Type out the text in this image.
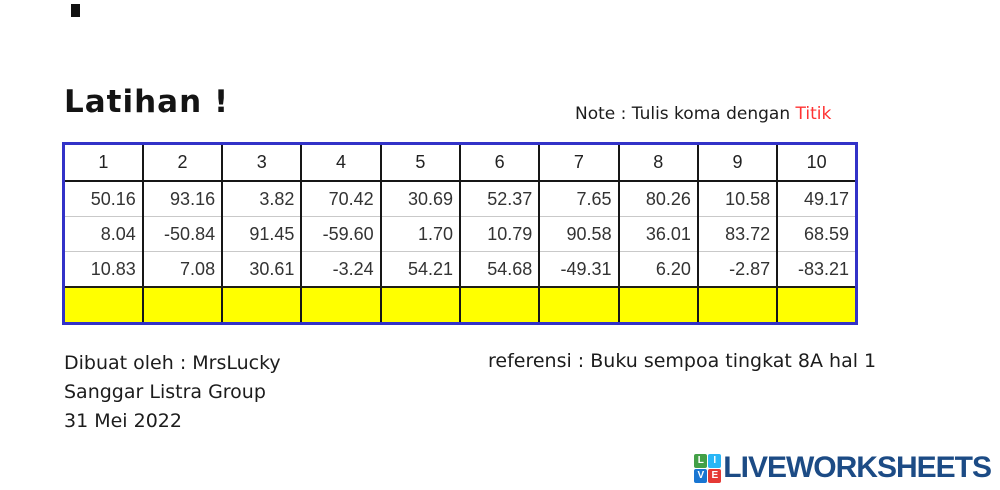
Latihan !	Note : Tulis koma dengan Titik
1	2	3	4	5	6	7	8	9	10
50.16	93.16	3.82	70.42	30.69	52.37	7.65	80.26	10.58	49.17
8.04	-50.84	91.45	-59.60	1.70	10.79	90.58	36.01	83.72	68.59
10.83	7.08	30.61	-3.24	54.21	54.68	-49.31	6.20	-2.87	-83.21

Dibuat oleh : MrsLucky
Sanggar Listra Group
31 Mei 2022
referensi : Buku sempoa tingkat 8A hal 1
L I
V E LIVEWORKSHEETS
